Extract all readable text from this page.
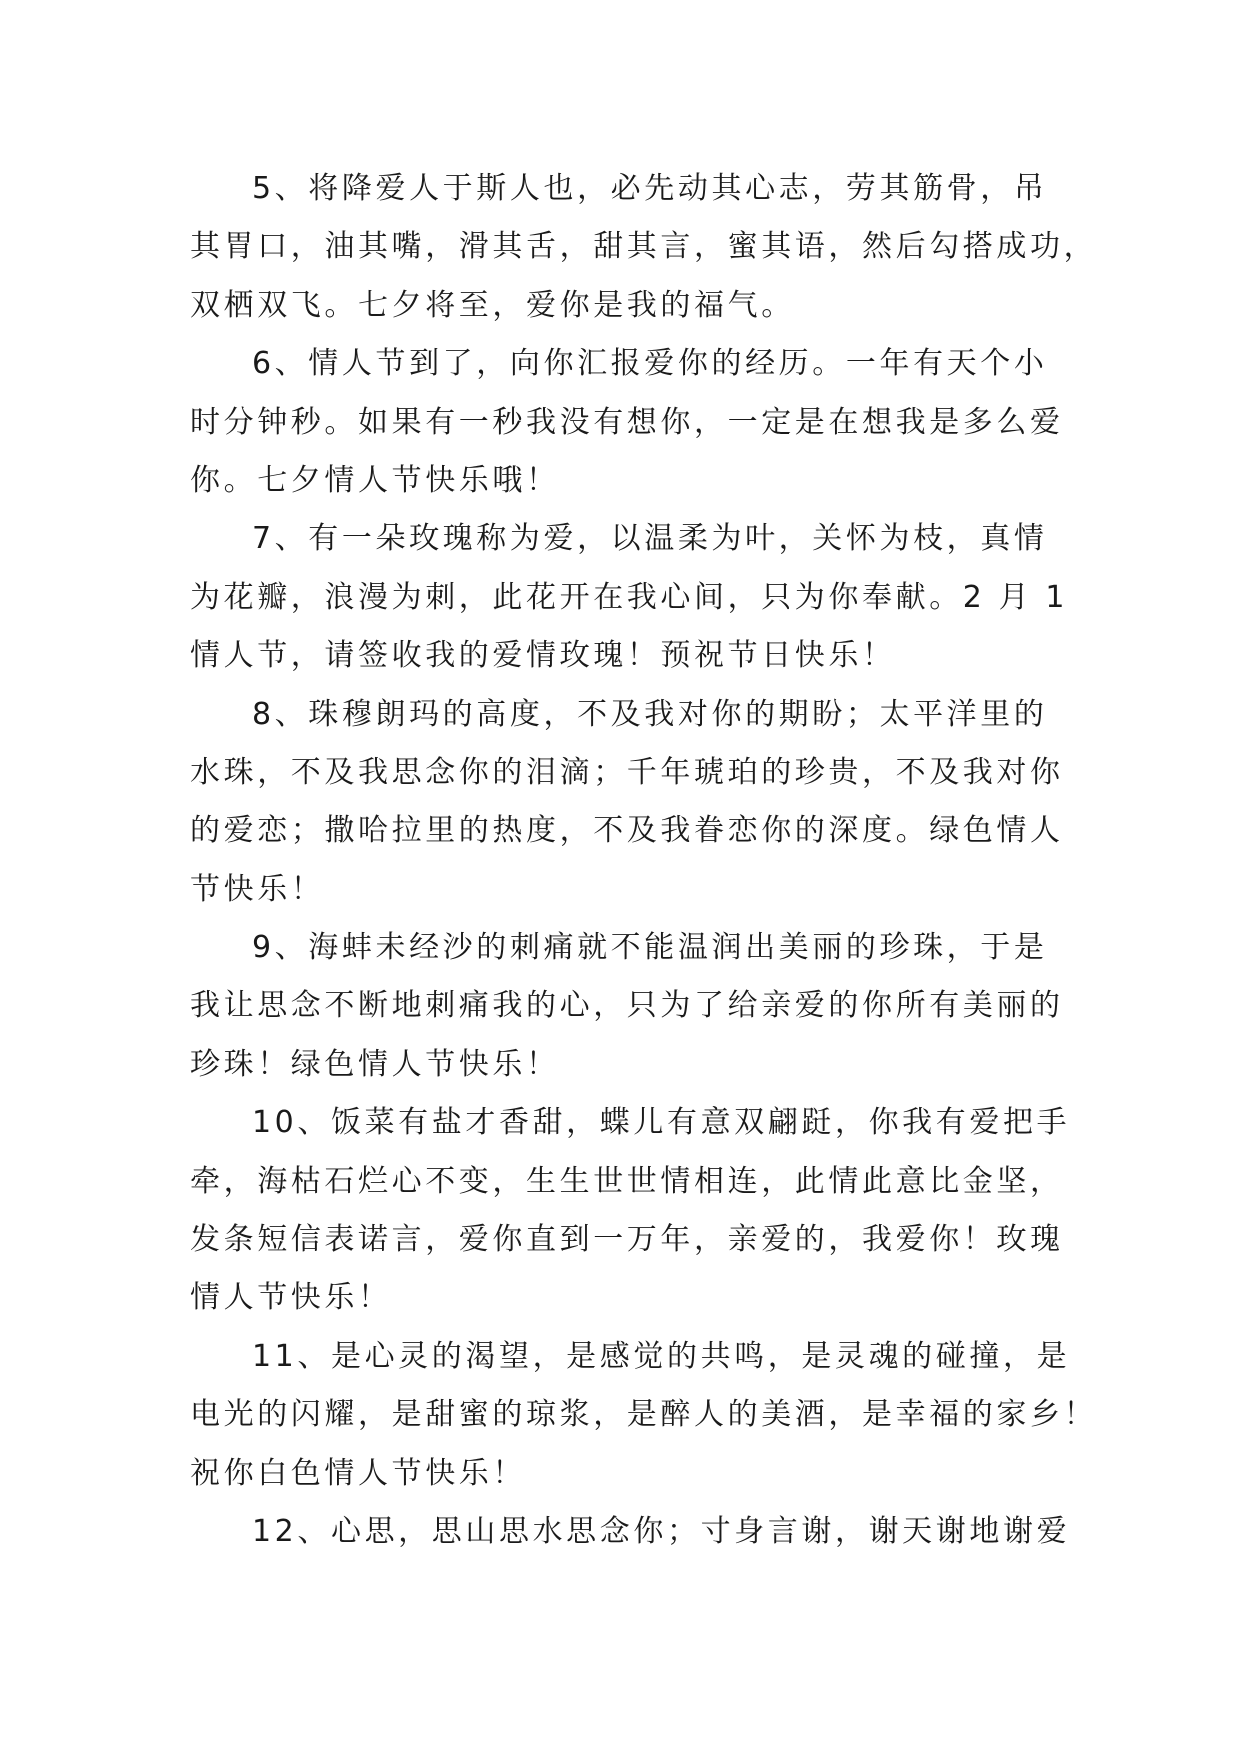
5、将降爱人于斯人也，必先动其心志，劳其筋骨，吊
其胃口，油其嘴，滑其舌，甜其言，蜜其语，然后勾搭成功，
双栖双飞。七夕将至，爱你是我的福气。

6、情人节到了，向你汇报爱你的经历。一年有天个小
时分钟秒。如果有一秒我没有想你，一定是在想我是多么爱
你。七夕情人节快乐哦！

7、有一朵玫瑰称为爱，以温柔为叶，关怀为枝，真情
为花瓣，浪漫为刺，此花开在我心间，只为你奉献。2 月 1
情人节，请签收我的爱情玫瑰！预祝节日快乐！

8、珠穆朗玛的高度，不及我对你的期盼；太平洋里的
水珠，不及我思念你的泪滴；千年琥珀的珍贵，不及我对你
的爱恋；撒哈拉里的热度，不及我眷恋你的深度。绿色情人
节快乐！

9、海蚌未经沙的刺痛就不能温润出美丽的珍珠，于是
我让思念不断地刺痛我的心，只为了给亲爱的你所有美丽的
珍珠！绿色情人节快乐！

10、饭菜有盐才香甜，蝶儿有意双翩跹，你我有爱把手
牵，海枯石烂心不变，生生世世情相连，此情此意比金坚，
发条短信表诺言，爱你直到一万年，亲爱的，我爱你！玫瑰
情人节快乐！

11、是心灵的渴望，是感觉的共鸣，是灵魂的碰撞，是
电光的闪耀，是甜蜜的琼浆，是醉人的美酒，是幸福的家乡！
祝你白色情人节快乐！

12、心思，思山思水思念你；寸身言谢，谢天谢地谢爱
